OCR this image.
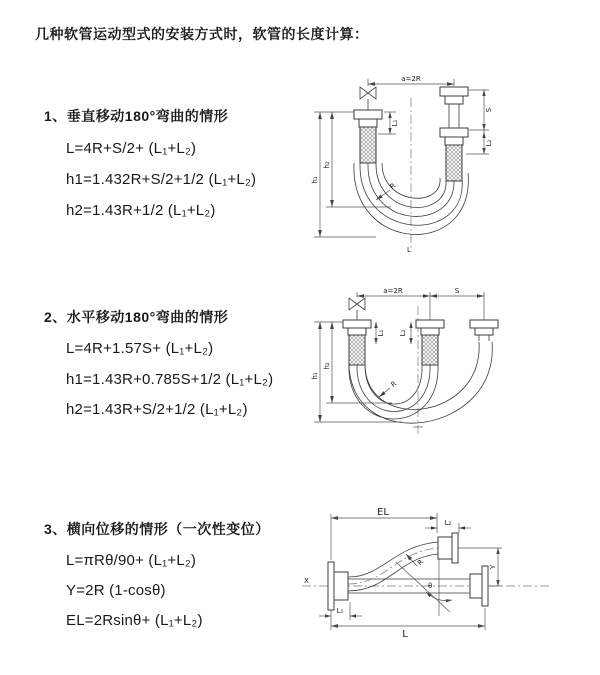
几种软管运动型式的安装方式时，软管的长度计算：
1、垂直移动180°弯曲的情形
L=4R+S/2+ (L₁+L₂)
h1=1.432R+S/2+1/2 (L₁+L₂)
h2=1.43R+1/2 (L₁+L₂)
2、水平移动180°弯曲的情形
L=4R+1.57S+ (L₁+L₂)
h1=1.43R+0.785S+1/2 (L₁+L₂)
h2=1.43R+S/2+1/2 (L₁+L₂)
3、横向位移的情形（一次性变位）
L=πRθ/90+ (L₁+L₂)
Y=2R (1-cosθ)
EL=2Rsinθ+ (L₁+L₂)
a=2R
h₁
h₂
L₁
S
L₂
R
L
a=2R	S
h₁
h₂
L₁ L₂
R
X
θ
EL
L₂
Y
L
L₁
R
